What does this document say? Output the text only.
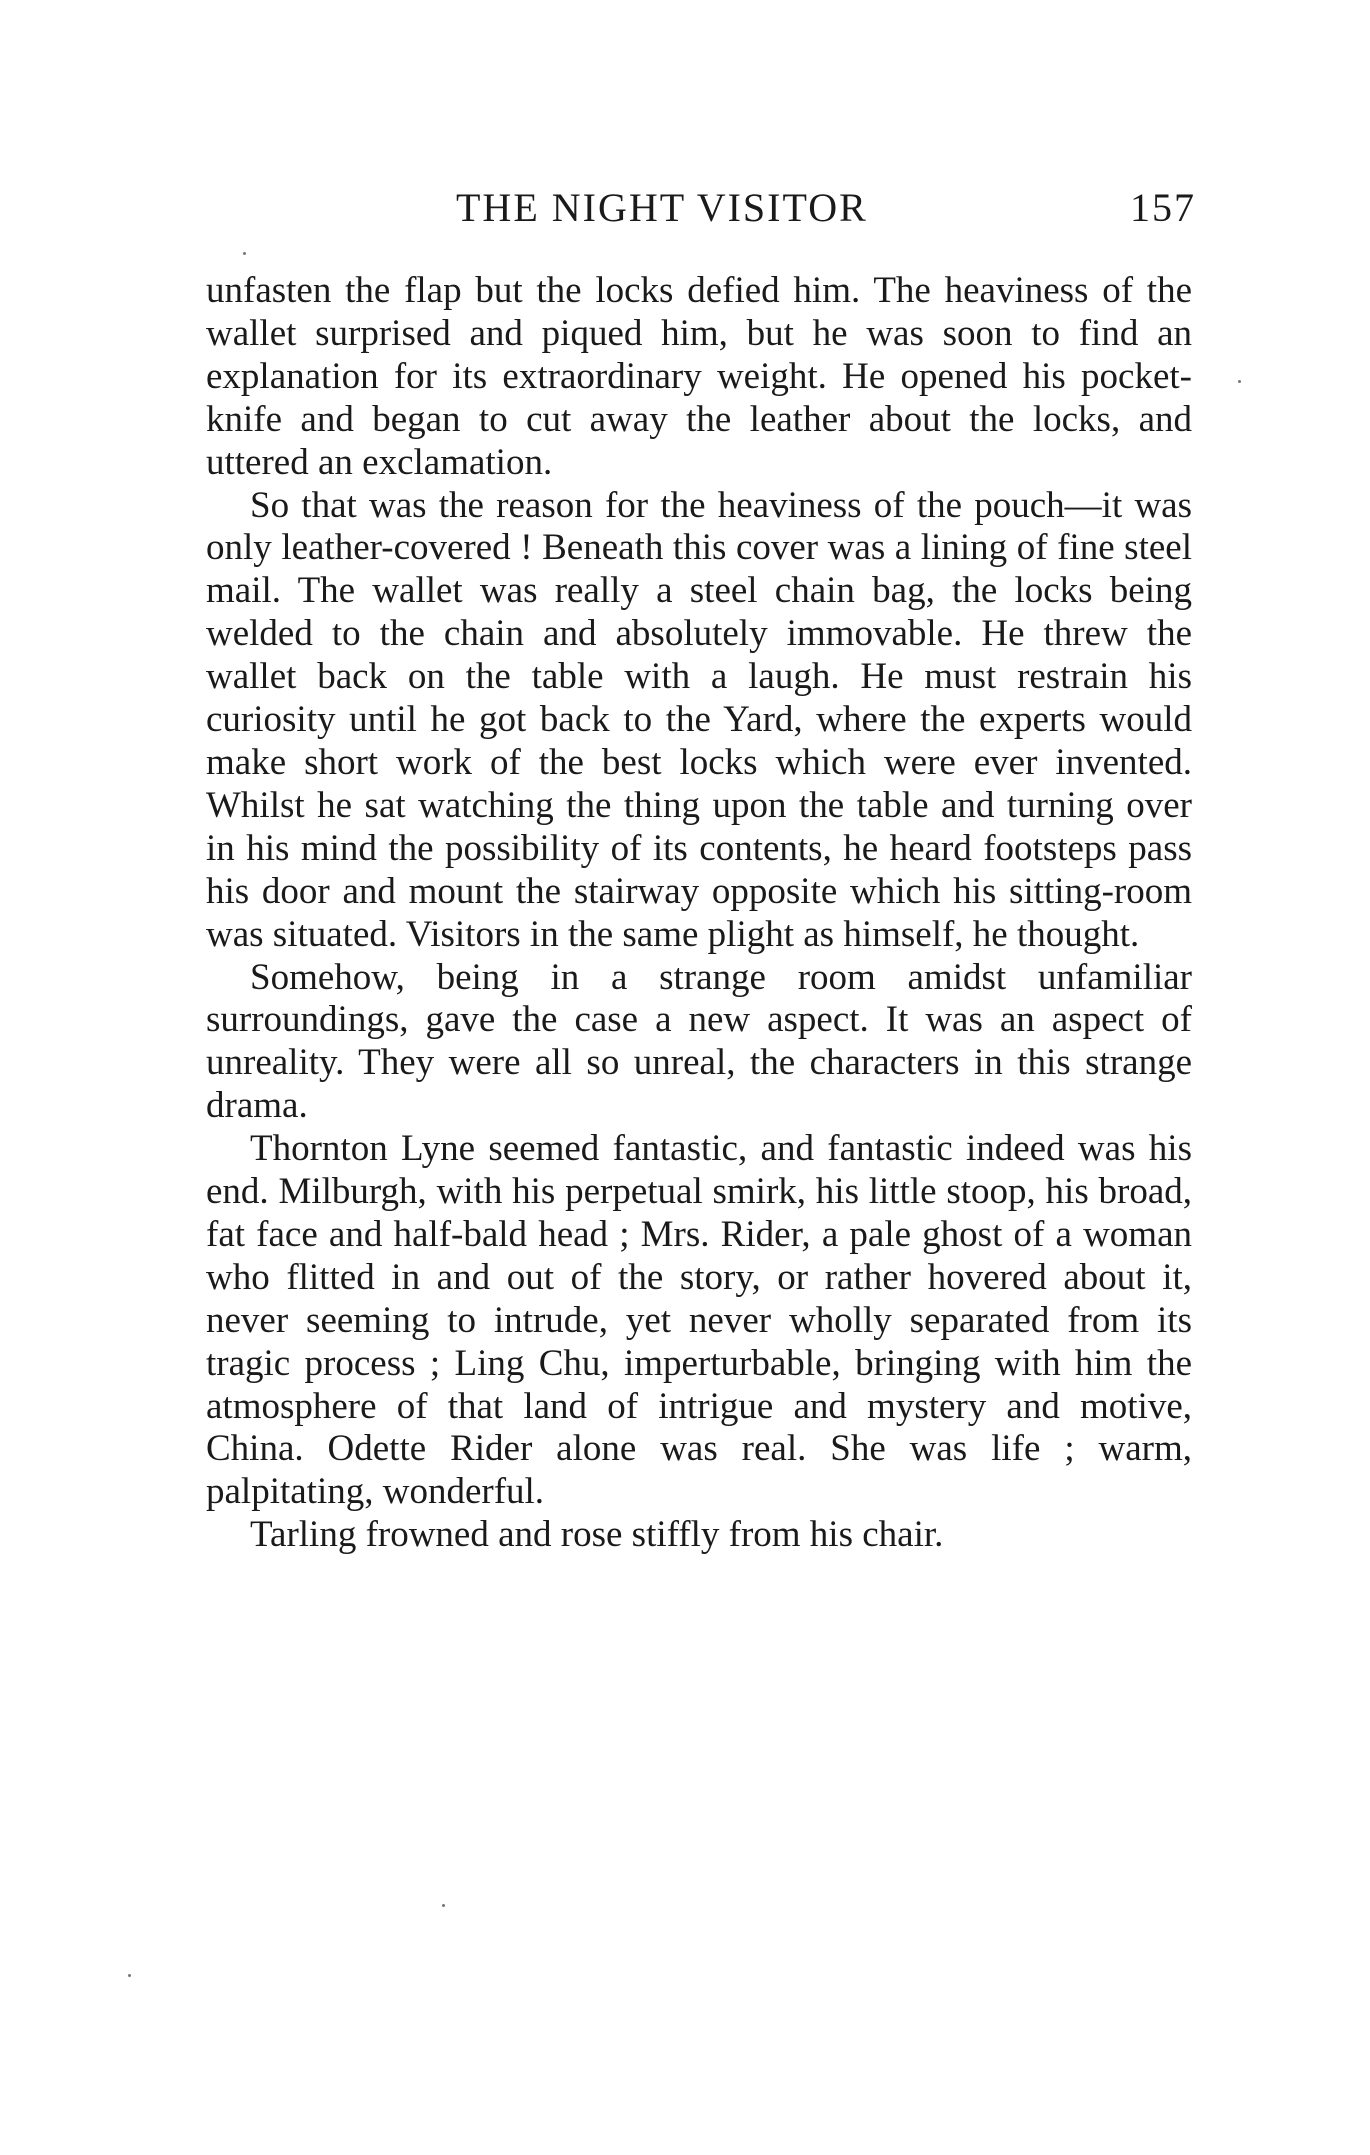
THE NIGHT VISITOR	157

unfasten the flap but the locks defied him. The heaviness of the wallet surprised and piqued him, but he was soon to find an explanation for its extraordinary weight. He opened his pocket-knife and began to cut away the leather about the locks, and uttered an exclamation.

So that was the reason for the heaviness of the pouch—it was only leather-covered ! Beneath this cover was a lining of fine steel mail. The wallet was really a steel chain bag, the locks being welded to the chain and absolutely immovable. He threw the wallet back on the table with a laugh. He must restrain his curiosity until he got back to the Yard, where the experts would make short work of the best locks which were ever invented. Whilst he sat watching the thing upon the table and turning over in his mind the possibility of its contents, he heard footsteps pass his door and mount the stairway opposite which his sitting-room was situated. Visitors in the same plight as himself, he thought.

Somehow, being in a strange room amidst unfamiliar surroundings, gave the case a new aspect. It was an aspect of unreality. They were all so unreal, the characters in this strange drama.

Thornton Lyne seemed fantastic, and fantastic indeed was his end. Milburgh, with his perpetual smirk, his little stoop, his broad, fat face and half-bald head ; Mrs. Rider, a pale ghost of a woman who flitted in and out of the story, or rather hovered about it, never seeming to intrude, yet never wholly separated from its tragic process ; Ling Chu, imperturbable, bringing with him the atmosphere of that land of intrigue and mystery and motive, China. Odette Rider alone was real. She was life ; warm, palpitating, wonderful.

Tarling frowned and rose stiffly from his chair.
